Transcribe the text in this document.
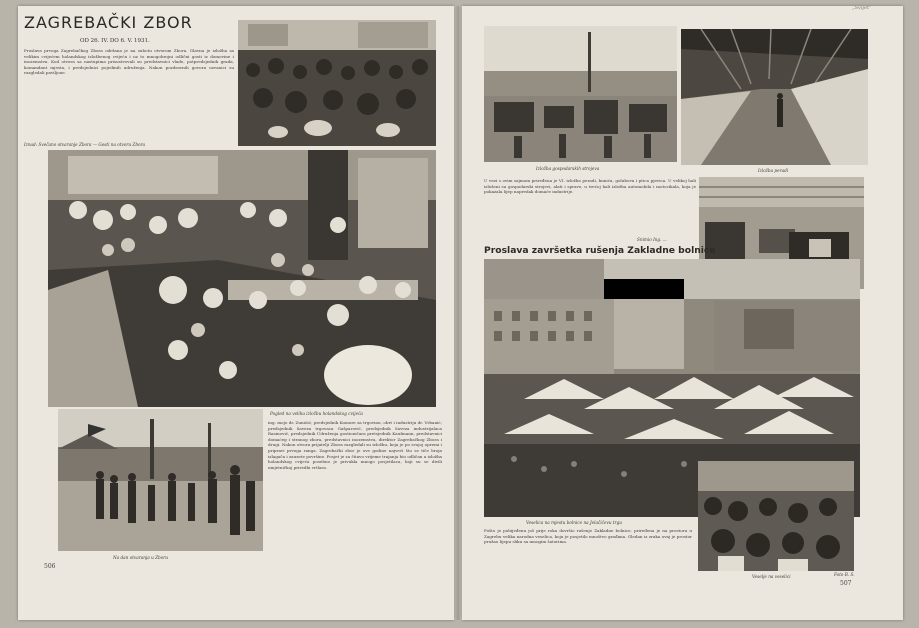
ZAGREBAČKI ZBOR
OD 26. IV. DO 6. V. 1931.
Proslava prvoga Zagrebačkog Zbora održana je na subotu otvorom Zbora. Glavna je izložba sa velikim cvijećem holandskog izložbenog cvijeća i uz to mnogobrojni odlični gosti iz domovine i inozemstva. Kod otvora sa nastupima prisustvovali su predstavnici vlade, potpredsjednik grada, komandant mjesta, i predsjednici pojedinih udruženja. Nakon pozdravnih govora uzvanici su razgledali paviljone.
Iznad: Svečano otvaranje Zbora — Gosti na otvoru Zbora
Pogled na veliku izložbu holandskog cvijeća
ing. mojo dr. Zuniöić, predsjednik Komore za trgovinu, obrt i industriju dr. Vrbanić, predsjednik Saveza trgovaca Gašparović, predsjednik Saveza industrijalaca Rasinović, predsjednik Udruženja gostioničara pretsjednik Kaufmann, predstavnici domaćeg i stranog zbora, predstavnici inozemstva, direktor Zagrebačkog Zbora i drugi. Nakon otvora prijatelji Zbora razgledali su izložbu, koja je po svojoj opremi i pripravi prvoga ranga. Zagrebački zbor je ove godine najveći što se tiče broja izlagača i zauzete površine. Posjet je za čitavo vrijeme trajanja bio odličan a izložba holandskog cvijeća posebno je privukla mnogo posjetilaca, koji su se divili umjetničkoj priredbi vrtlara.
Na dan otvaranja u Zboru
506
„Svijet”
Izložba gospodarskih strojeva	Izložba peradi
U vezi s ovim sajmom priređena je VI. izložba peradi, kunića, golubova i ptica pjevica. U velikoj hali izloženi su gospodarski strojevi, alati i sprave, u trećoj hali izložba automobila i motocikala, koja je pokazala lijep napredak domaće industrije.
Snimio Ing. ...
Proslava završetka rušenja Zakladne bolnice
Veselica na mjestu bolnice na Jelačićevu trgu
Pošto je pobijeđenu još prije roka dovršio rušenje Zakladne bolnice, priređena je na prostoru u Zagrebu velika narodna veselica, koju je posjetilo mnoštvo građana. Gledan iz zraka ovaj je prostor pružao lijepu sliku sa mnogim šatorima.
Veselje na veselici	Foto B. S.
507
